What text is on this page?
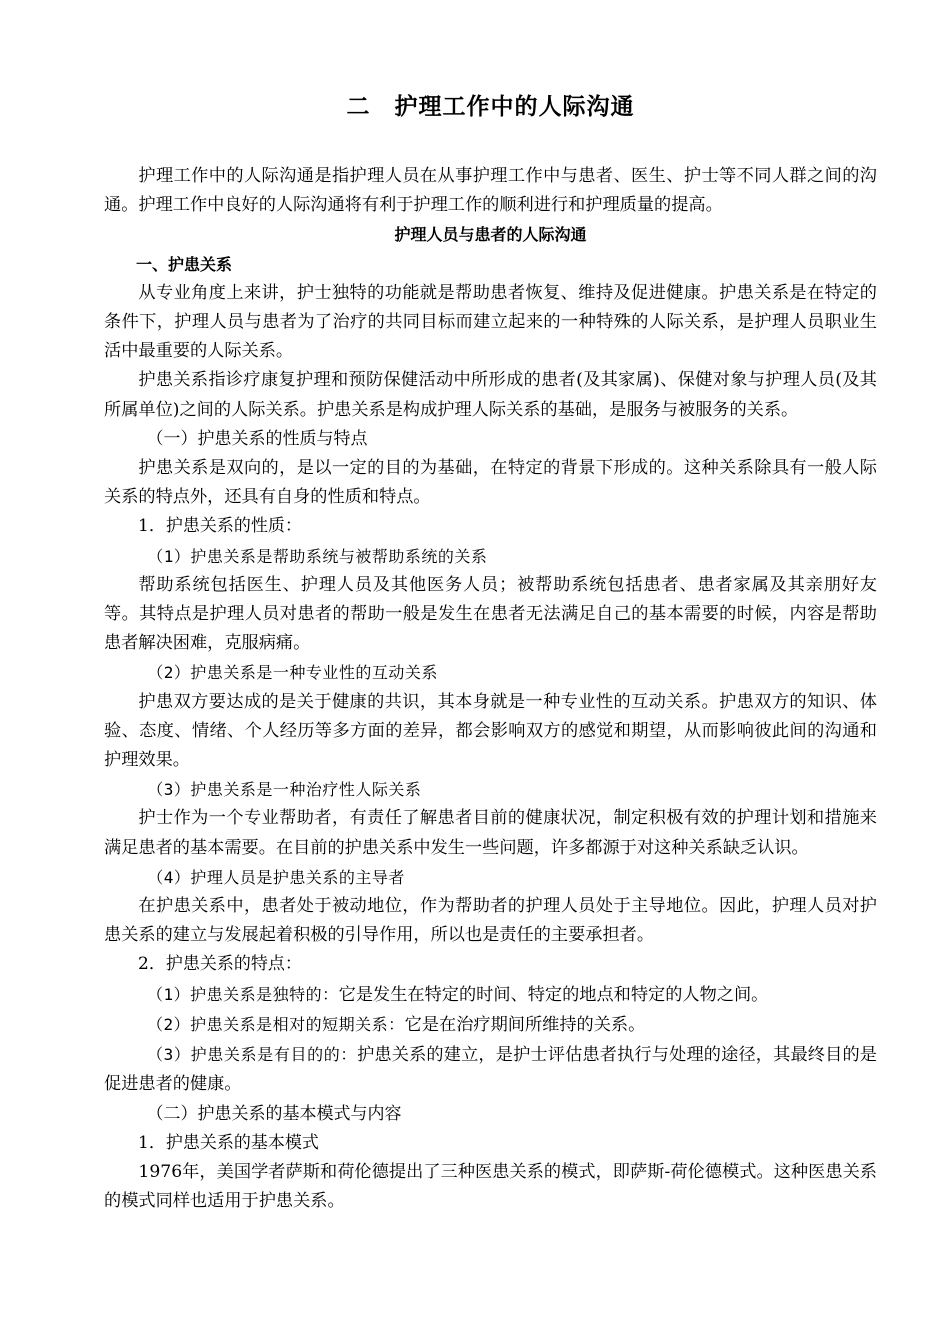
二　护理工作中的人际沟通

护理工作中的人际沟通是指护理人员在从事护理工作中与患者、医生、护士等不同人群之间的沟通。护理工作中良好的人际沟通将有利于护理工作的顺利进行和护理质量的提高。

护理人员与患者的人际沟通

一、护患关系

从专业角度上来讲，护士独特的功能就是帮助患者恢复、维持及促进健康。护患关系是在特定的条件下，护理人员与患者为了治疗的共同目标而建立起来的一种特殊的人际关系，是护理人员职业生活中最重要的人际关系。

护患关系指诊疗康复护理和预防保健活动中所形成的患者(及其家属)、保健对象与护理人员(及其所属单位)之间的人际关系。护患关系是构成护理人际关系的基础，是服务与被服务的关系。

（一）护患关系的性质与特点

护患关系是双向的，是以一定的目的为基础，在特定的背景下形成的。这种关系除具有一般人际关系的特点外，还具有自身的性质和特点。

1．护患关系的性质：

（1）护患关系是帮助系统与被帮助系统的关系

帮助系统包括医生、护理人员及其他医务人员；被帮助系统包括患者、患者家属及其亲朋好友等。其特点是护理人员对患者的帮助一般是发生在患者无法满足自己的基本需要的时候，内容是帮助患者解决困难，克服病痛。

（2）护患关系是一种专业性的互动关系

护患双方要达成的是关于健康的共识，其本身就是一种专业性的互动关系。护患双方的知识、体验、态度、情绪、个人经历等多方面的差异，都会影响双方的感觉和期望，从而影响彼此间的沟通和护理效果。

（3）护患关系是一种治疗性人际关系

护士作为一个专业帮助者，有责任了解患者目前的健康状况，制定积极有效的护理计划和措施来满足患者的基本需要。在目前的护患关系中发生一些问题，许多都源于对这种关系缺乏认识。

（4）护理人员是护患关系的主导者

在护患关系中，患者处于被动地位，作为帮助者的护理人员处于主导地位。因此，护理人员对护患关系的建立与发展起着积极的引导作用，所以也是责任的主要承担者。

2．护患关系的特点：

（1）护患关系是独特的：它是发生在特定的时间、特定的地点和特定的人物之间。

（2）护患关系是相对的短期关系：它是在治疗期间所维持的关系。

（3）护患关系是有目的的：护患关系的建立，是护士评估患者执行与处理的途径，其最终目的是促进患者的健康。

（二）护患关系的基本模式与内容

1．护患关系的基本模式

1976年，美国学者萨斯和荷伦德提出了三种医患关系的模式，即萨斯-荷伦德模式。这种医患关系的模式同样也适用于护患关系。
